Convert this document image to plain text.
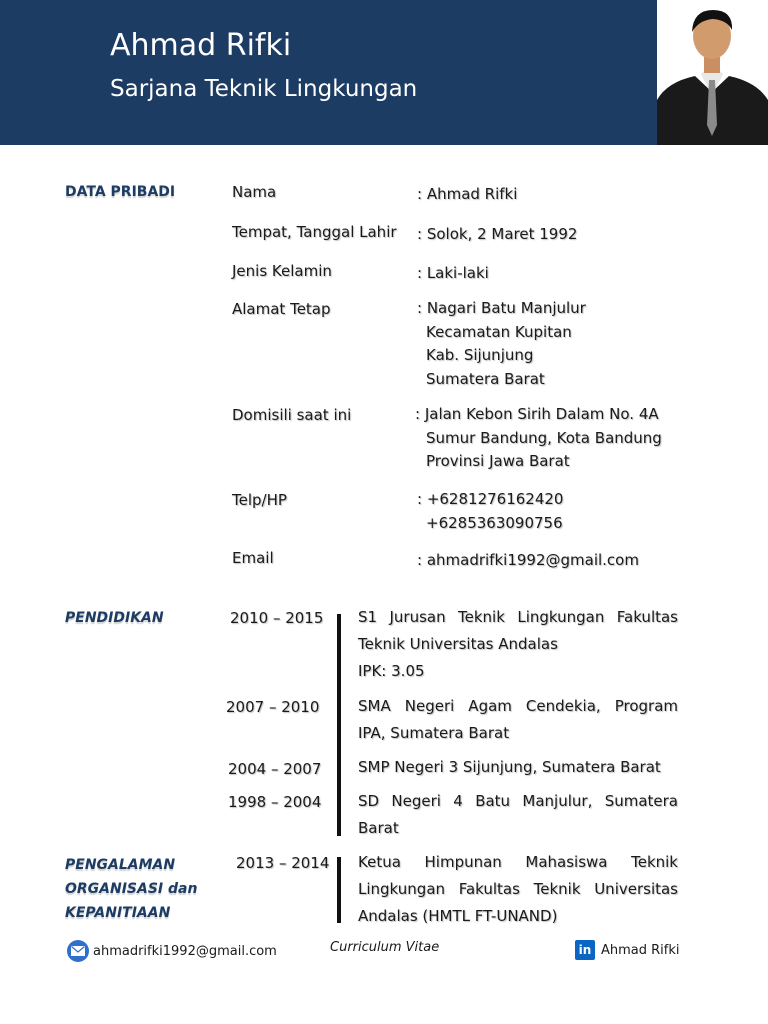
Ahmad Rifki
Sarjana Teknik Lingkungan
DATA PRIBADI	Nama	: Ahmad Rifki
Tempat, Tanggal Lahir : Solok, 2 Maret 1992
Jenis Kelamin	: Laki-laki
Alamat Tetap	: Nagari Batu Manjulur
Kecamatan Kupitan
Kab. Sijunjung
Sumatera Barat
Domisili saat ini	: Jalan Kebon Sirih Dalam No. 4A
Sumur Bandung, Kota Bandung
Provinsi Jawa Barat
Telp/HP	: +6281276162420
+6285363090756
Email	: ahmadrifki1992@gmail.com
PENDIDIKAN	2010 – 2015 S1 Jurusan Teknik Lingkungan Fakultas
Teknik Universitas Andalas
IPK: 3.05
2007 – 2010	SMA Negeri Agam Cendekia, Program
IPA, Sumatera Barat
2004 – 2007 SMP Negeri 3 Sijunjung, Sumatera Barat
1998 – 2004 SD Negeri 4 Batu Manjulur, Sumatera
Barat
PENGALAMAN
ORGANISASI dan
KEPANITIAAN
2013 – 2014 Ketua Himpunan Mahasiswa Teknik
Lingkungan Fakultas Teknik Universitas
Andalas (HMTL FT-UNAND)
ahmadrifki1992@gmail.com	Curriculum Vitae	in Ahmad Rifki
